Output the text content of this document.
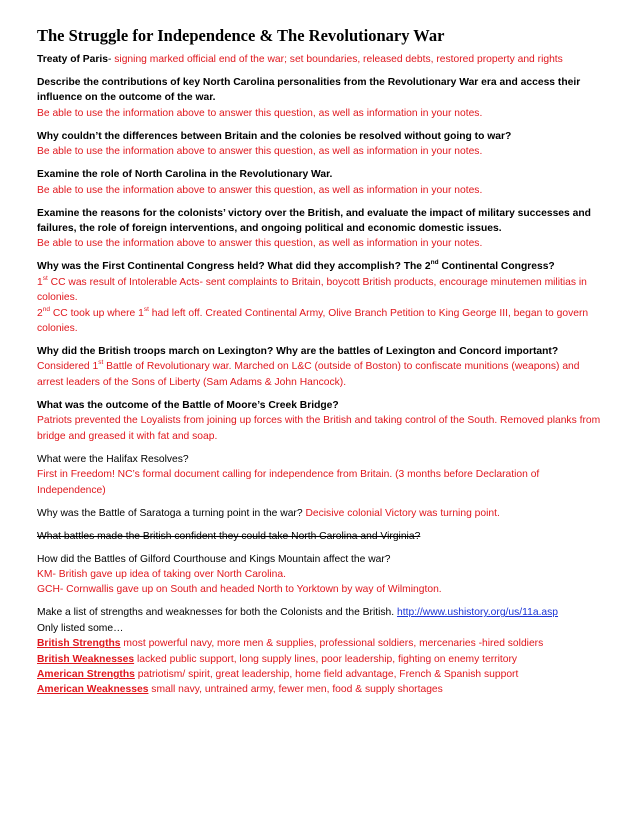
The Struggle for Independence & The Revolutionary War

Treaty of Paris- signing marked official end of the war; set boundaries, released debts, restored property and rights

Describe the contributions of key North Carolina personalities from the Revolutionary War era and access their influence on the outcome of the war.

Be able to use the information above to answer this question, as well as information in your notes.

Why couldn’t the differences between Britain and the colonies be resolved without going to war?

Be able to use the information above to answer this question, as well as information in your notes.

Examine the role of North Carolina in the Revolutionary War.

Be able to use the information above to answer this question, as well as information in your notes.

Examine the reasons for the colonists’ victory over the British, and evaluate the impact of military successes and failures, the role of foreign interventions, and ongoing political and economic domestic issues.

Be able to use the information above to answer this question, as well as information in your notes.

Why was the First Continental Congress held? What did they accomplish? The 2nd Continental Congress?

1st CC was result of Intolerable Acts- sent complaints to Britain, boycott British products, encourage minutemen militias in colonies.

2nd CC took up where 1st had left off. Created Continental Army, Olive Branch Petition to King George III, began to govern colonies.

Why did the British troops march on Lexington? Why are the battles of Lexington and Concord important?

Considered 1st Battle of Revolutionary war. Marched on L&C (outside of Boston) to confiscate munitions (weapons) and arrest leaders of the Sons of Liberty (Sam Adams & John Hancock).

What was the outcome of the Battle of Moore’s Creek Bridge?

Patriots prevented the Loyalists from joining up forces with the British and taking control of the South. Removed planks from bridge and greased it with fat and soap.

What were the Halifax Resolves?

First in Freedom! NC’s formal document calling for independence from Britain. (3 months before Declaration of Independence)

Why was the Battle of Saratoga a turning point in the war? Decisive colonial Victory was turning point.

What battles made the British confident they could take North Carolina and Virginia?

How did the Battles of Gilford Courthouse and Kings Mountain affect the war?

KM- British gave up idea of taking over North Carolina.

GCH- Cornwallis gave up on South and headed North to Yorktown by way of Wilmington.

Make a list of strengths and weaknesses for both the Colonists and the British. http://www.ushistory.org/us/11a.asp

Only listed some…

British Strengths most powerful navy, more men & supplies, professional soldiers, mercenaries -hired soldiers

British Weaknesses lacked public support, long supply lines, poor leadership, fighting on enemy territory

American Strengths patriotism/ spirit, great leadership, home field advantage, French & Spanish support

American Weaknesses small navy, untrained army, fewer men, food & supply shortages
